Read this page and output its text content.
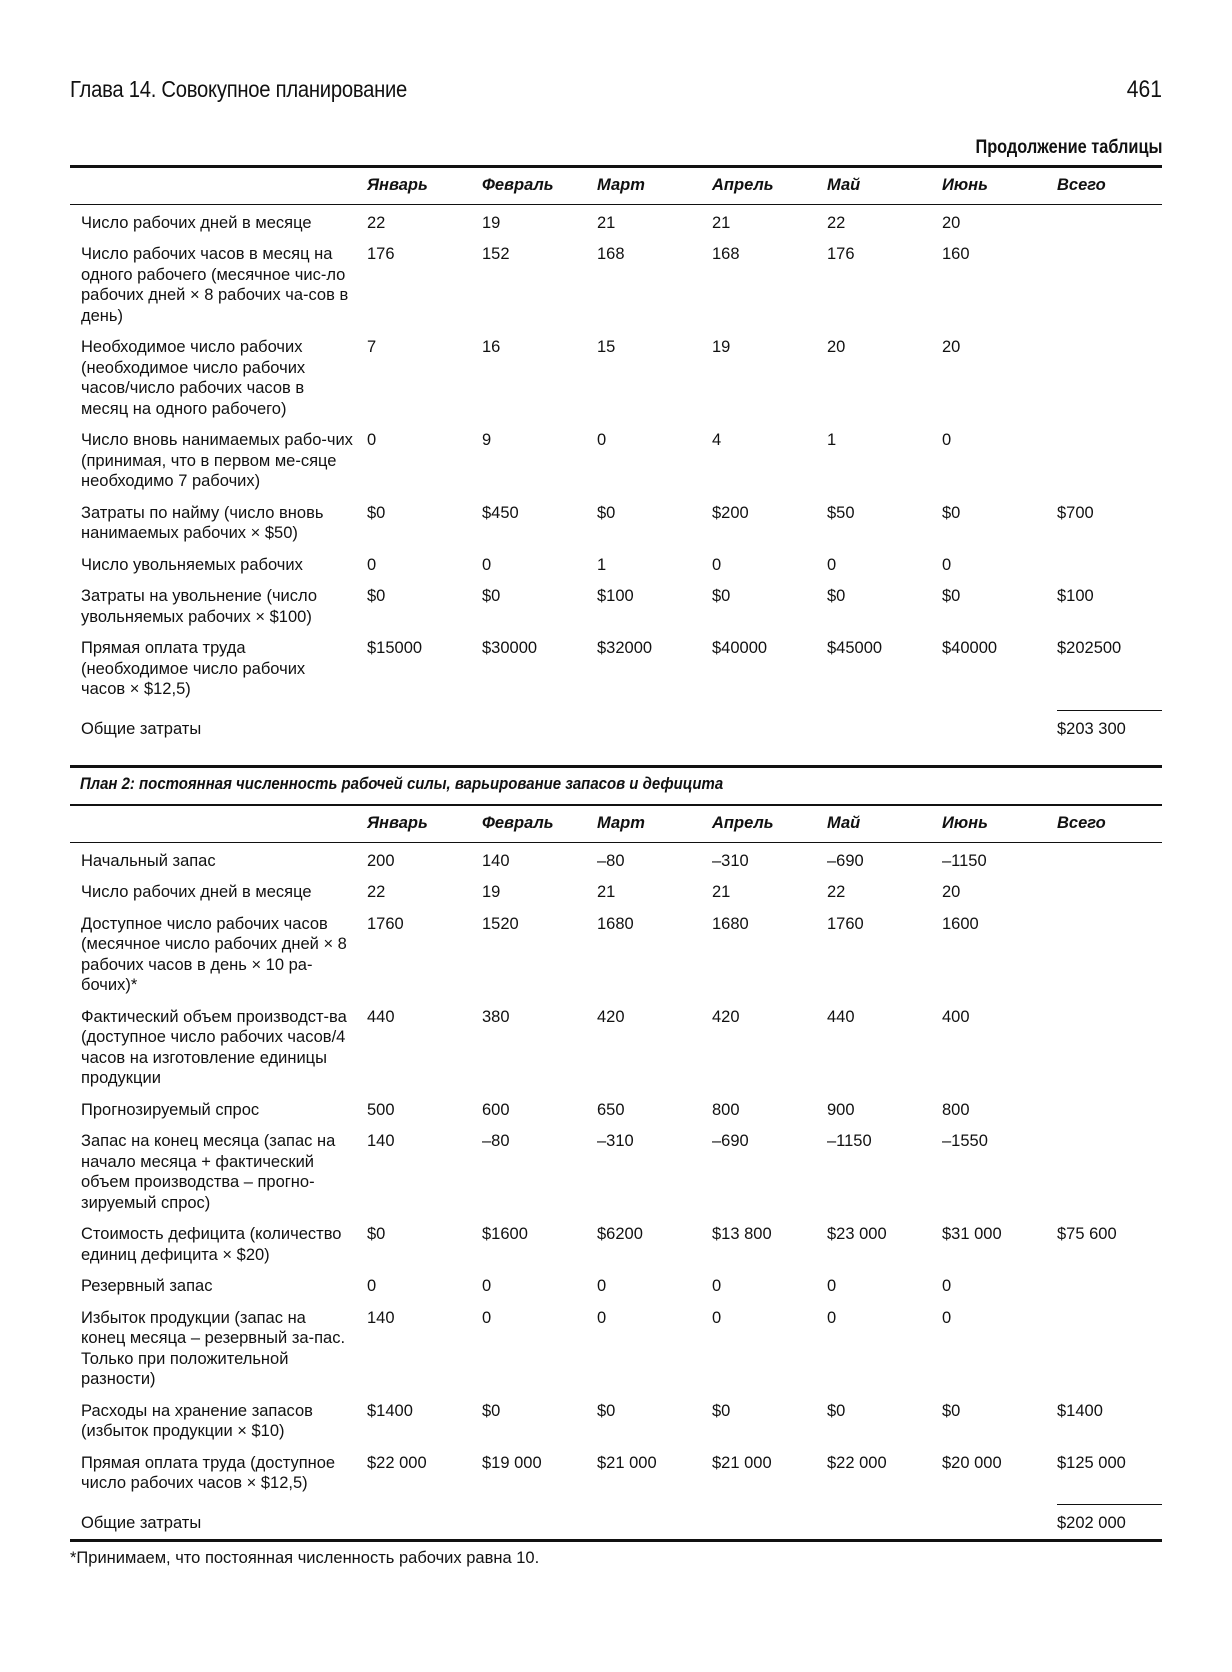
Глава 14. Совокупное планирование	461
Продолжение таблицы
	Январь	Февраль	Март	Апрель	Май	Июнь	Всего
Число рабочих дней в месяце	22	19	21	21	22	20	
Число рабочих часов в месяц на одного рабочего (месячное чис-ло рабочих дней × 8 рабочих ча-сов в день)	176	152	168	168	176	160	
Необходимое число рабочих (необходимое число рабочих часов/число рабочих часов в месяц на одного рабочего)	7	16	15	19	20	20	
Число вновь нанимаемых рабо-чих (принимая, что в первом ме-сяце необходимо 7 рабочих)	0	9	0	4	1	0	
Затраты по найму (число вновь нанимаемых рабочих × $50)	$0	$450	$0	$200	$50	$0	$700
Число увольняемых рабочих	0	0	1	0	0	0	
Затраты на увольнение (число увольняемых рабочих × $100)	$0	$0	$100	$0	$0	$0	$100
Прямая оплата труда (необходимое число рабочих часов × $12,5)	$15000	$30000	$32000	$40000	$45000	$40000	$202500
Общие затраты							$203 300
План 2: постоянная численность рабочей силы, варьирование запасов и дефицита
	Январь	Февраль	Март	Апрель	Май	Июнь	Всего
Начальный запас	200	140	–80	–310	–690	–1150	
Число рабочих дней в месяце	22	19	21	21	22	20	
Доступное число рабочих часов (месячное число рабочих дней × 8 рабочих часов в день × 10 ра-бочих)*	1760	1520	1680	1680	1760	1600	
Фактический объем производст-ва (доступное число рабочих часов/4 часов на изготовление единицы продукции	440	380	420	420	440	400	
Прогнозируемый спрос	500	600	650	800	900	800	
Запас на конец месяца (запас на начало месяца + фактический объем производства – прогно-зируемый спрос)	140	–80	–310	–690	–1150	–1550	
Стоимость дефицита (количество единиц дефицита × $20)	$0	$1600	$6200	$13 800	$23 000	$31 000	$75 600
Резервный запас	0	0	0	0	0	0	
Избыток продукции (запас на конец месяца – резервный за-пас. Только при положительной разности)	140	0	0	0	0	0	
Расходы на хранение запасов (избыток продукции × $10)	$1400	$0	$0	$0	$0	$0	$1400
Прямая оплата труда (доступное число рабочих часов × $12,5)	$22 000	$19 000	$21 000	$21 000	$22 000	$20 000	$125 000
Общие затраты							$202 000
*Принимаем, что постоянная численность рабочих равна 10.
